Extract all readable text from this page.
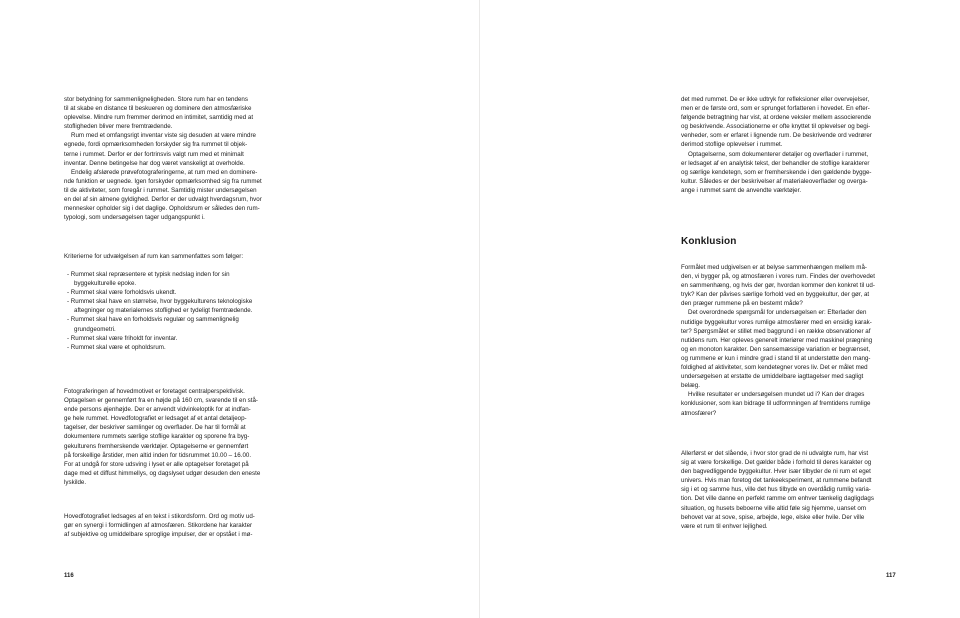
stor betydning for sammenligneligheden. Store rum har en tendens
til at skabe en distance til beskueren og dominere den atmosfæriske
oplevelse. Mindre rum fremmer derimod en intimitet, samtidig med at
stofligheden bliver mere fremtrædende.
Rum med et omfangsrigt inventar viste sig desuden at være mindre
egnede, fordi opmærksomheden forskyder sig fra rummet til objek-
terne i rummet. Derfor er der fortrinsvis valgt rum med et minimalt
inventar. Denne betingelse har dog været vanskeligt at overholde.
Endelig afslørede prøvefotograferingerne, at rum med en dominere-
nde funktion er uegnede. Igen forskyder opmærksomhed sig fra rummet
til de aktiviteter, som foregår i rummet. Samtidig mister undersøgelsen
en del af sin almene gyldighed. Derfor er der udvalgt hverdagsrum, hvor
mennesker opholder sig i det daglige. Opholdsrum er således den rum-
typologi, som undersøgelsen tager udgangspunkt i.
Kriterierne for udvælgelsen af rum kan sammenfattes som følger:
- Rummet skal repræsentere et typisk nedslag inden for sin
byggekulturelle epoke.
- Rummet skal være forholdsvis ukendt.
- Rummet skal have en størrelse, hvor byggekulturens teknologiske
aftegninger og materialernes stoflighed er tydeligt fremtrædende.
- Rummet skal have en forholdsvis regulær og sammenlignelig
grundgeometri.
- Rummet skal være friholdt for inventar.
- Rummet skal være et opholdsrum.
Fotograferingen af hovedmotivet er foretaget centralperspektivisk.
Optagelsen er gennemført fra en højde på 160 cm, svarende til en stå-
ende persons øjenhøjde. Der er anvendt vidvinkeloptik for at indfan-
ge hele rummet. Hovedfotografiet er ledsaget af et antal detaljeop-
tagelser, der beskriver samlinger og overflader. De har til formål at
dokumentere rummets særlige stoflige karakter og sporene fra byg-
gekulturens fremherskende værktøjer. Optagelserne er gennemført
på forskellige årstider, men altid inden for tidsrummet 10.00 – 16.00.
For at undgå for store udsving i lyset er alle optagelser foretaget på
dage med et diffust himmellys, og dagslyset udgør desuden den eneste
lyskilde.
Hovedfotografiet ledsages af en tekst i stikordsform. Ord og motiv ud-
gør en synergi i formidlingen af atmosfæren. Stikordene har karakter
af subjektive og umiddelbare sproglige impulser, der er opstået i mø-
116
det med rummet. De er ikke udtryk for refleksioner eller overvejelser,
men er de første ord, som er sprunget forfatteren i hovedet. En efter-
følgende betragtning har vist, at ordene veksler mellem associerende
og beskrivende. Associationerne er ofte knyttet til oplevelser og begi-
venheder, som er erfaret i lignende rum. De beskrivende ord vedrører
derimod stoflige oplevelser i rummet.
Optagelserne, som dokumenterer detaljer og overflader i rummet,
er ledsaget af en analytisk tekst, der behandler de stoflige karakterer
og særlige kendetegn, som er fremherskende i den gældende bygge-
kultur. Således er der beskrivelser af materialeoverflader og overga-
ange i rummet samt de anvendte værktøjer.
Konklusion
Formålet med udgivelsen er at belyse sammenhængen mellem må-
den, vi bygger på, og atmosfæren i vores rum. Findes der overhovedet
en sammenhæng, og hvis der gør, hvordan kommer den konkret til ud-
tryk? Kan der påvises særlige forhold ved en byggekultur, der gør, at
den præger rummene på en bestemt måde?
Det overordnede spørgsmål for undersøgelsen er: Efterlader den
nutidige byggekultur vores rumlige atmosfærer med en ensidig karak-
ter? Spørgsmålet er stillet med baggrund i en række observationer af
nutidens rum. Her opleves generelt interiører med maskinel prægning
og en monoton karakter. Den sansemæssige variation er begrænset,
og rummene er kun i mindre grad i stand til at understøtte den mang-
foldighed af aktiviteter, som kendetegner vores liv. Det er målet med
undersøgelsen at erstatte de umiddelbare iagttagelser med sagligt
belæg.
Hvilke resultater er undersøgelsen mundet ud i? Kan der drages
konklusioner, som kan bidrage til udformningen af fremtidens rumlige
atmosfærer?
Allerførst er det slående, i hvor stor grad de ni udvalgte rum, har vist
sig at være forskellige. Det gælder både i forhold til deres karakter og
den bagvedliggende byggekultur. Hver især tilbyder de ni rum et eget
univers. Hvis man foretog det tankeeksperiment, at rummene befandt
sig i et og samme hus, ville det hus tilbyde en overdådig rumlig varia-
tion. Det ville danne en perfekt ramme om enhver tænkelig dagligdags
situation, og husets beboerne ville altid føle sig hjemme, uanset om
behovet var at sove, spise, arbejde, lege, elske eller hvile. Der ville
være et rum til enhver lejlighed.
117
